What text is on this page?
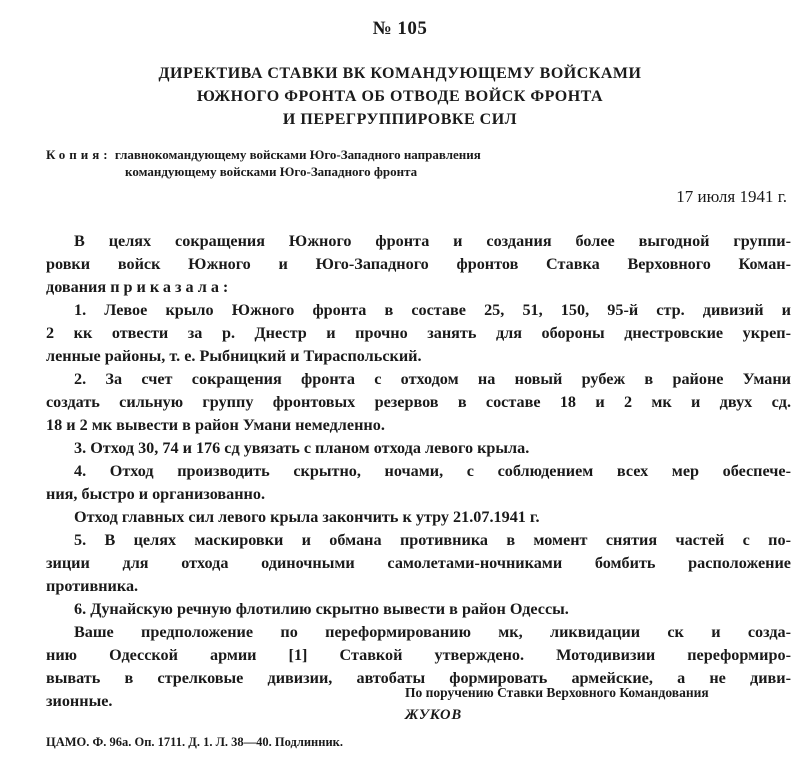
№ 105
ДИРЕКТИВА СТАВКИ ВК КОМАНДУЮЩЕМУ ВОЙСКАМИ
ЮЖНОГО ФРОНТА ОБ ОТВОДЕ ВОЙСК ФРОНТА
И ПЕРЕГРУППИРОВКЕ СИЛ
Копия: главнокомандующему войсками Юго-Западного направления
командующему войсками Юго-Западного фронта
17 июля 1941 г.
В целях сокращения Южного фронта и создания более выгодной группи-
ровки войск Южного и Юго-Западного фронтов Ставка Верховного Коман-
дования приказала:
1. Левое крыло Южного фронта в составе 25, 51, 150, 95-й стр. дивизий и
2 кк отвести за р. Днестр и прочно занять для обороны днестровские укреп-
ленные районы, т. е. Рыбницкий и Тираспольский.
2. За счет сокращения фронта с отходом на новый рубеж в районе Умани
создать сильную группу фронтовых резервов в составе 18 и 2 мк и двух сд.
18 и 2 мк вывести в район Умани немедленно.
3. Отход 30, 74 и 176 сд увязать с планом отхода левого крыла.
4. Отход производить скрытно, ночами, с соблюдением всех мер обеспече-
ния, быстро и организованно.
Отход главных сил левого крыла закончить к утру 21.07.1941 г.
5. В целях маскировки и обмана противника в момент снятия частей с по-
зиции для отхода одиночными самолетами-ночниками бомбить расположение
противника.
6. Дунайскую речную флотилию скрытно вывести в район Одессы.
Ваше предположение по переформированию мк, ликвидации ск и созда-
нию Одесской армии [1] Ставкой утверждено. Мотодивизии переформиро-
вывать в стрелковые дивизии, автобаты формировать армейские, а не диви-
зионные.	По поручению Ставки Верховного Командования
ЖУКОВ
ЦАМО. Ф. 96а. Оп. 1711. Д. 1. Л. 38—40. Подлинник.
